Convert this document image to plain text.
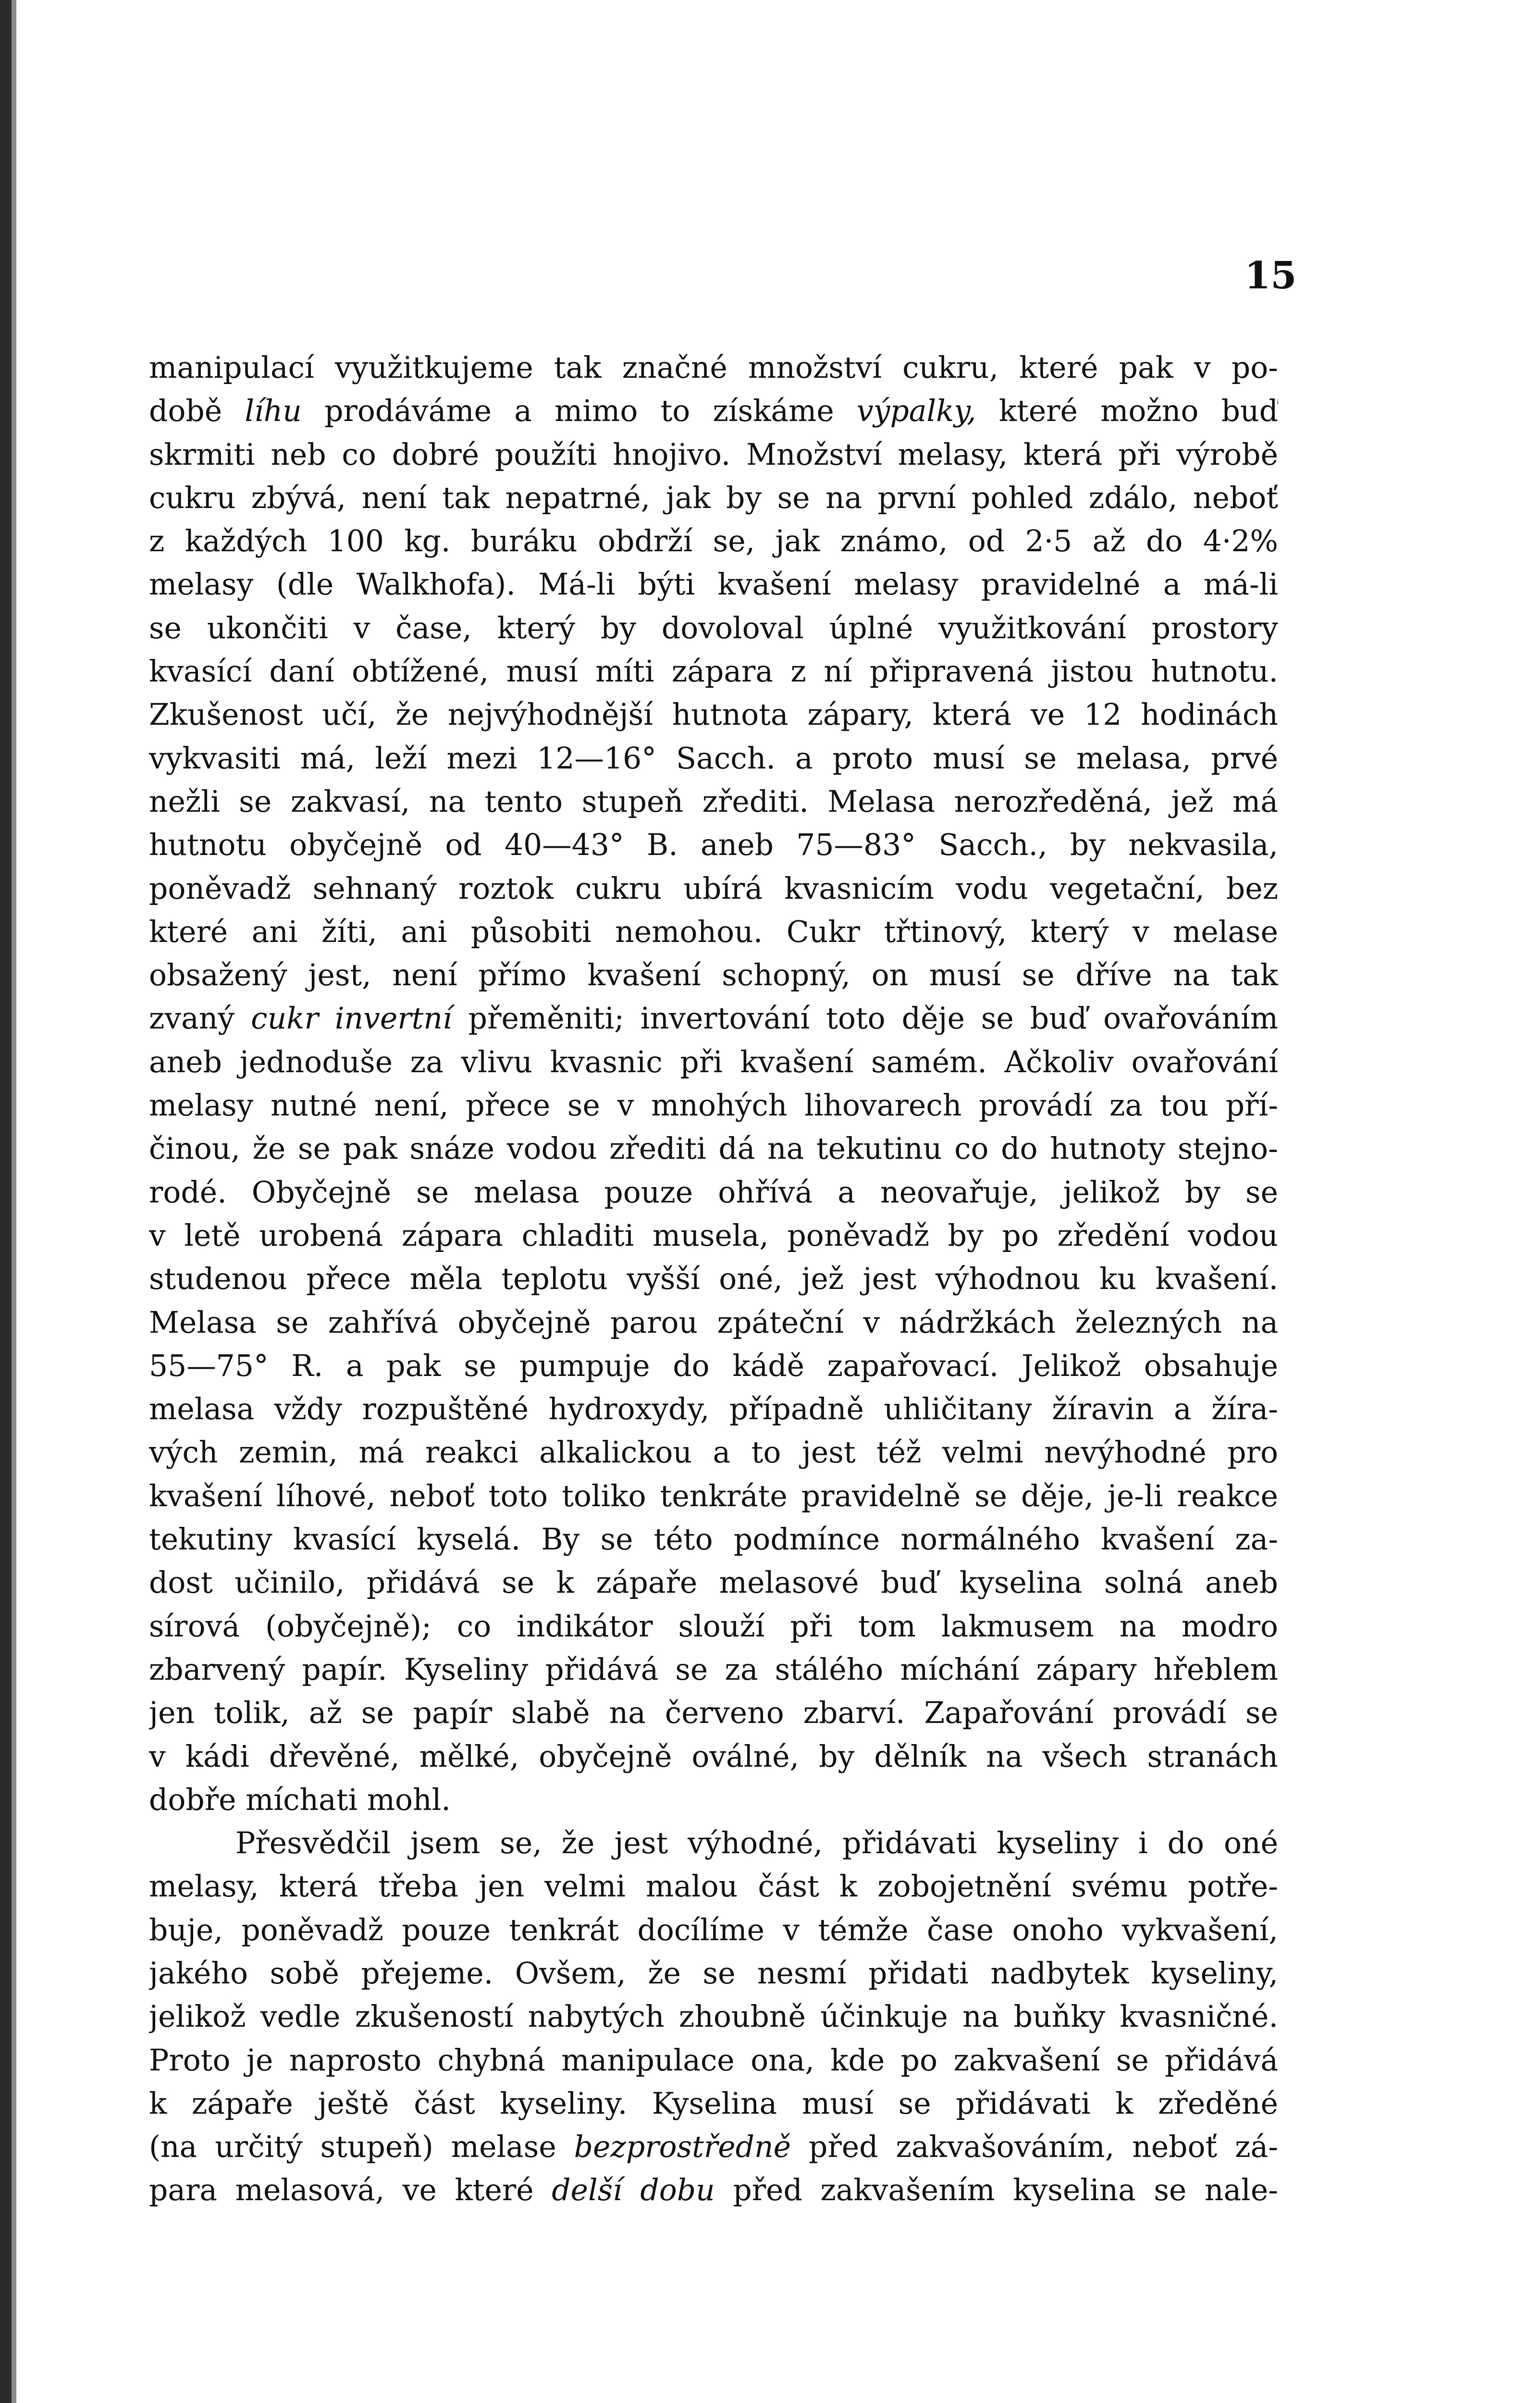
15
manipulací využitkujeme tak značné množství cukru, které pak v po-
době líhu prodáváme a mimo to získáme výpalky, které možno buď
skrmiti neb co dobré použíti hnojivo. Množství melasy, která při výrobě
cukru zbývá, není tak nepatrné, jak by se na první pohled zdálo, neboť
z každých 100 kg. buráku obdrží se, jak známo, od 2·5 až do 4·2%
melasy (dle Walkhofa). Má-li býti kvašení melasy pravidelné a má-li
se ukončiti v čase, který by dovoloval úplné využitkování prostory
kvasící daní obtížené, musí míti zápara z ní připravená jistou hutnotu.
Zkušenost učí, že nejvýhodnější hutnota zápary, která ve 12 hodinách
vykvasiti má, leží mezi 12—16° Sacch. a proto musí se melasa, prvé
nežli se zakvasí, na tento stupeň zřediti. Melasa nerozředěná, jež má
hutnotu obyčejně od 40—43° B. aneb 75—83° Sacch., by nekvasila,
poněvadž sehnaný roztok cukru ubírá kvasnicím vodu vegetační, bez
které ani žíti, ani působiti nemohou. Cukr třtinový, který v melase
obsažený jest, není přímo kvašení schopný, on musí se dříve na tak
zvaný cukr invertní přeměniti; invertování toto děje se buď ovařováním
aneb jednoduše za vlivu kvasnic při kvašení samém. Ačkoliv ovařování
melasy nutné není, přece se v mnohých lihovarech provádí za tou pří-
činou, že se pak snáze vodou zřediti dá na tekutinu co do hutnoty stejno-
rodé. Obyčejně se melasa pouze ohřívá a neovařuje, jelikož by se
v letě urobená zápara chladiti musela, poněvadž by po zředění vodou
studenou přece měla teplotu vyšší oné, jež jest výhodnou ku kvašení.
Melasa se zahřívá obyčejně parou zpáteční v nádržkách železných na
55—75° R. a pak se pumpuje do kádě zapařovací. Jelikož obsahuje
melasa vždy rozpuštěné hydroxydy, případně uhličitany žíravin a žíra-
vých zemin, má reakci alkalickou a to jest též velmi nevýhodné pro
kvašení líhové, neboť toto toliko tenkráte pravidelně se děje, je-li reakce
tekutiny kvasící kyselá. By se této podmínce normálného kvašení za-
dost učinilo, přidává se k zápaře melasové buď kyselina solná aneb
sírová (obyčejně); co indikátor slouží při tom lakmusem na modro
zbarvený papír. Kyseliny přidává se za stálého míchání zápary hřeblem
jen tolik, až se papír slabě na červeno zbarví. Zapařování provádí se
v kádi dřevěné, mělké, obyčejně oválné, by dělník na všech stranách
dobře míchati mohl.
Přesvědčil jsem se, že jest výhodné, přidávati kyseliny i do oné
melasy, která třeba jen velmi malou část k zobojetnění svému potře-
buje, poněvadž pouze tenkrát docílíme v témže čase onoho vykvašení,
jakého sobě přejeme. Ovšem, že se nesmí přidati nadbytek kyseliny,
jelikož vedle zkušeností nabytých zhoubně účinkuje na buňky kvasničné.
Proto je naprosto chybná manipulace ona, kde po zakvašení se přidává
k zápaře ještě část kyseliny. Kyselina musí se přidávati k zředěné
(na určitý stupeň) melase bezprostředně před zakvašováním, neboť zá-
para melasová, ve které delší dobu před zakvašením kyselina se nale-
